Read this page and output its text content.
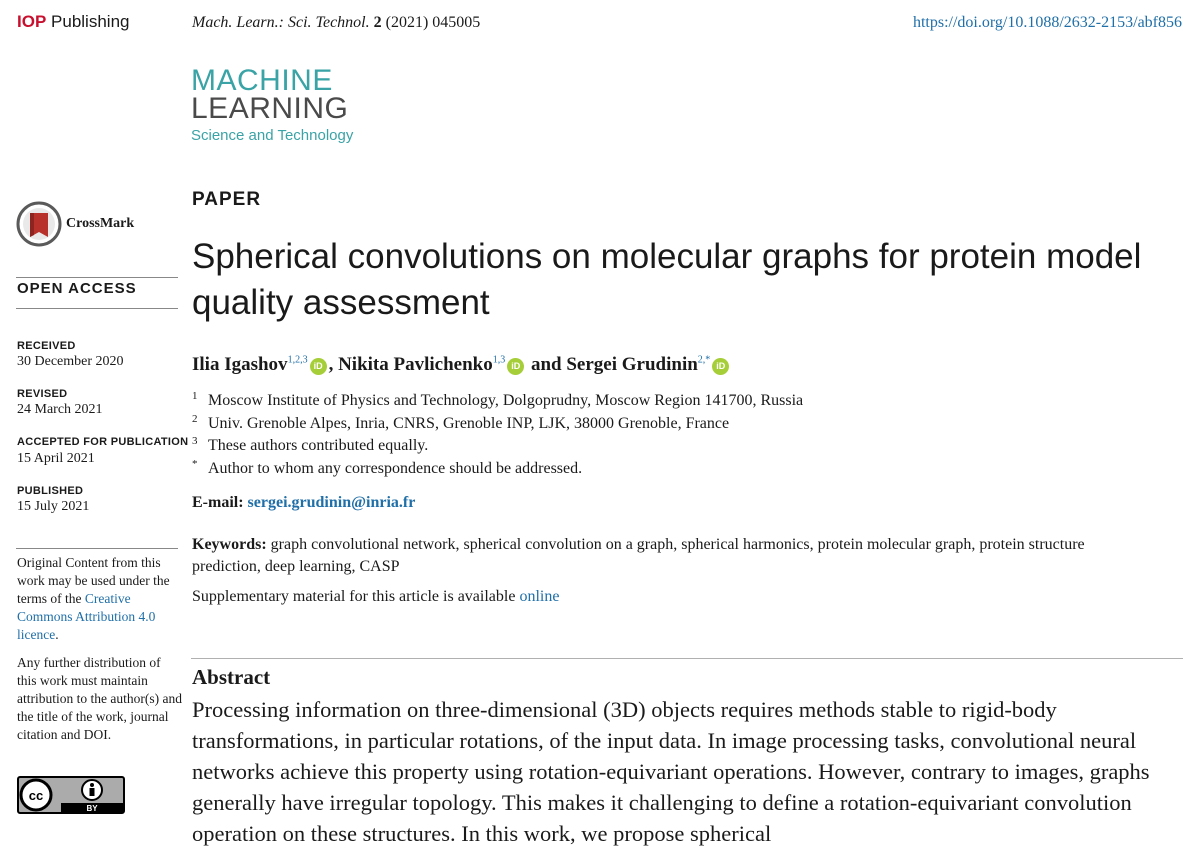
IOP Publishing	Mach. Learn.: Sci. Technol. 2 (2021) 045005	https://doi.org/10.1088/2632-2153/abf856
MACHINE
LEARNING
Science and Technology
CrossMark
OPEN ACCESS
RECEIVED
30 December 2020
REVISED
24 March 2021
ACCEPTED FOR PUBLICATION
15 April 2021
PUBLISHED
15 July 2021
Original Content from this work may be used under the terms of the Creative Commons Attribution 4.0 licence.
Any further distribution of this work must maintain attribution to the author(s) and the title of the work, journal citation and DOI.
cc
BY
PAPER
Spherical convolutions on molecular graphs for protein model quality assessment
Ilia Igashov$^{1,2,3}$iD , Nikita Pavlichenko$^{1,3}$iD and Sergei Grudinin$^{2,*}$iD
1 Moscow Institute of Physics and Technology, Dolgoprudny, Moscow Region 141700, Russia
2 Univ. Grenoble Alpes, Inria, CNRS, Grenoble INP, LJK, 38000 Grenoble, France
3 These authors contributed equally.
* Author to whom any correspondence should be addressed.
E-mail: sergei.grudinin@inria.fr
Keywords: graph convolutional network, spherical convolution on a graph, spherical harmonics, protein molecular graph, protein structure prediction, deep learning, CASP
Supplementary material for this article is available online
Abstract
Processing information on three-dimensional (3D) objects requires methods stable to rigid-body transformations, in particular rotations, of the input data. In image processing tasks, convolutional neural networks achieve this property using rotation-equivariant operations. However, contrary to images, graphs generally have irregular topology. This makes it challenging to define a rotation-equivariant convolution operation on these structures. In this work, we propose spherical
